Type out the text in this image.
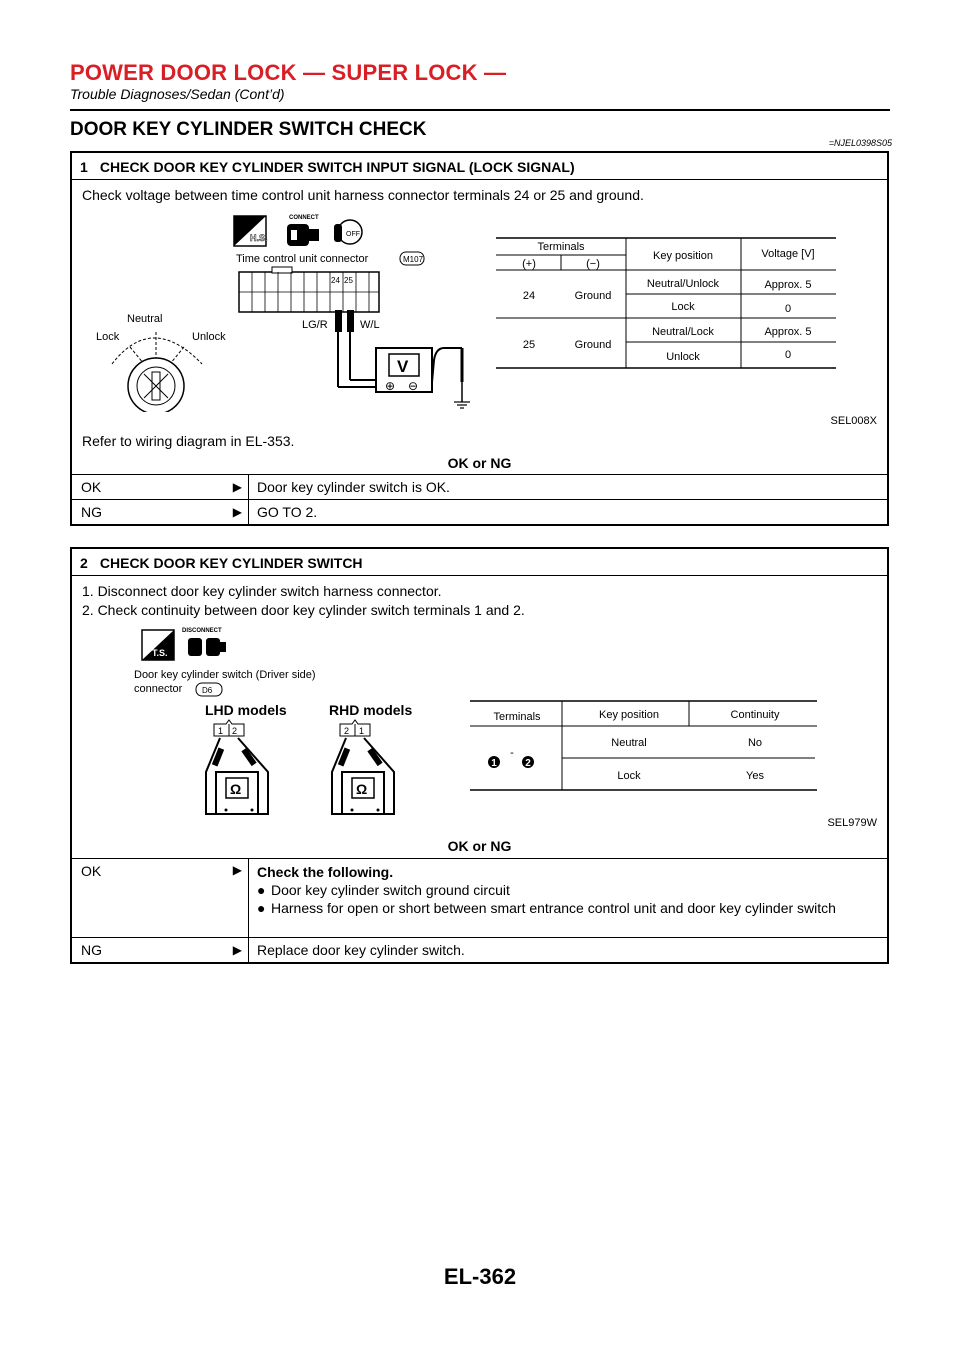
POWER DOOR LOCK — SUPER LOCK —
Trouble Diagnoses/Sedan (Cont’d)
DOOR KEY CYLINDER SWITCH CHECK
=NJEL0398S05
1 CHECK DOOR KEY CYLINDER SWITCH INPUT SIGNAL (LOCK SIGNAL)
Check voltage between time control unit harness connector terminals 24 or 25 and ground.
H.S.
CONNECT
OFF
Time control unit connector	M107
24 25
LG/R	W/L
V
⊕ ⊖
Neutral
Lock	Unlock
Terminals
(+)	(−)
Key position	Voltage [V]
24	Ground
Neutral/Unlock	Approx. 5
Lock	0
25	Ground
Neutral/Lock	Approx. 5
Unlock	0
SEL008X
Refer to wiring diagram in EL-353.
OK or NG
OK	▶	Door key cylinder switch is OK.
NG	▶	GO TO 2.
2 CHECK DOOR KEY CYLINDER SWITCH
1. Disconnect door key cylinder switch harness connector.
2. Check continuity between door key cylinder switch terminals 1 and 2.
T.S.
DISCONNECT
Door key cylinder switch (Driver side)
connector D6
LHD models	RHD models
1 2
Ω
2 1
Ω
Terminals	Key position	Continuity
1
-
2
Neutral	No
Lock	Yes
SEL979W
OK or NG
OK	▶ Check the following.
● Door key cylinder switch ground circuit
● Harness for open or short between smart entrance control unit and door key cylinder switch
NG	▶	Replace door key cylinder switch.
EL-362
